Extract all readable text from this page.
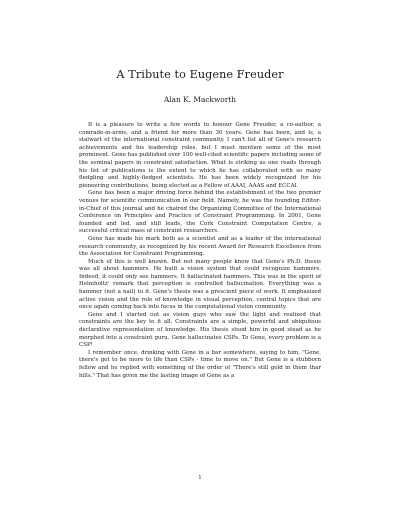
A Tribute to Eugene Freuder
Alan K. Mackworth

It is a pleasure to write a few words to honour Gene Freuder, a co-author, a comrade-in-arms, and a friend for more than 30 years. Gene has been, and is, a stalwart of the international constraint community. I can't list all of Gene's research achievements and his leadership roles, but I must mention some of the most prominent. Gene has published over 100 well-cited scientific papers including some of the seminal papers in constraint satisfaction. What is striking as one reads through his list of publications is the extent to which he has collaborated with so many fledgling and highly-fledged scientists. He has been widely recognized for his pioneering contributions, being elected as a Fellow of AAAI, AAAS and ECCAI.

Gene has been a major driving force behind the establishment of the two premier venues for scientific communication in our field. Namely, he was the founding Editor-in-Chief of this journal and he chaired the Organizing Committee of the International Conference on Principles and Practice of Constraint Programming. In 2001, Gene founded and led, and still leads, the Cork Constraint Computation Centre, a successful critical mass of constraint researchers.

Gene has made his mark both as a scientist and as a leader of the international research community, as recognized by his recent Award for Research Excellence from the Association for Constraint Programming.

Much of this is well known. But not many people know that Gene's Ph.D. thesis was all about hammers. He built a vision system that could recognize hammers. Indeed, it could only see hammers. It hallucinated hammers. This was in the spirit of Helmholtz' remark that perception is controlled hallucination. Everything was a hammer (not a nail) to it. Gene's thesis was a prescient piece of work. It emphasized active vision and the role of knowledge in visual perception, central topics that are once again coming back into focus in the computational vision community.

Gene and I started out as vision guys who saw the light and realized that constraints are the key to it all. Constraints are a simple, powerful and ubiquitous declarative representation of knowledge. His thesis stood him in good stead as he morphed into a constraint guru. Gene hallucinates CSPs. To Gene, every problem is a CSP!

I remember once, drinking with Gene in a bar somewhere, saying to him, "Gene, there's got to be more to life than CSPs - time to move on." But Gene is a stubborn fellow and he replied with something of the order of "There's still gold in them thar hills." That has given me the lasting image of Gene as a

1
